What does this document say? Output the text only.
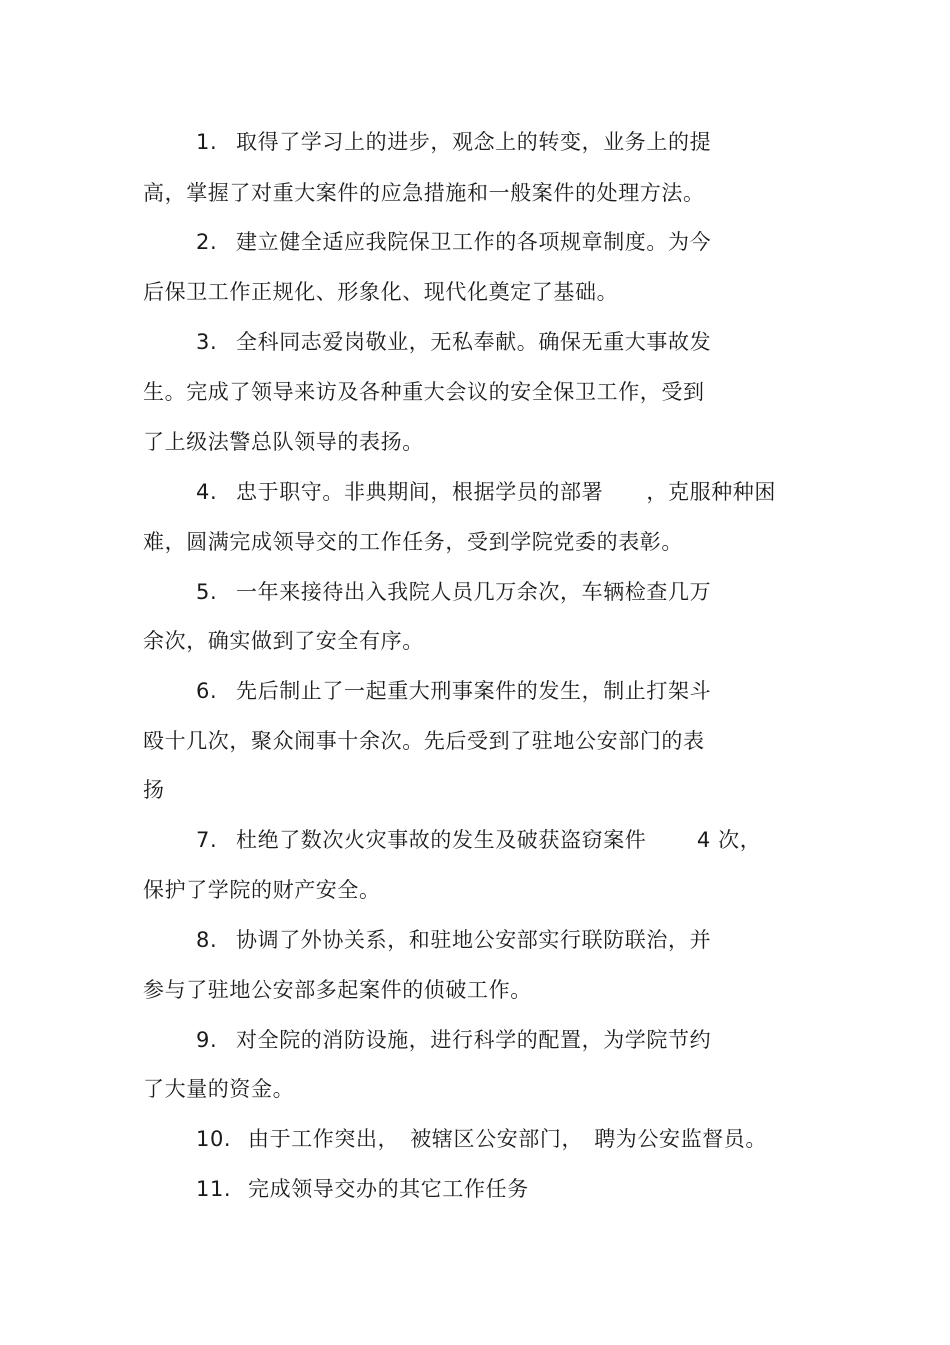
1. 取得了学习上的进步，观念上的转变，业务上的提
高，掌握了对重大案件的应急措施和一般案件的处理方法。
2. 建立健全适应我院保卫工作的各项规章制度。为今
后保卫工作正规化、形象化、现代化奠定了基础。
3. 全科同志爱岗敬业，无私奉献。确保无重大事故发
生。完成了领导来访及各种重大会议的安全保卫工作，受到
了上级法警总队领导的表扬。
4. 忠于职守。非典期间，根据学员的部署　　，克服种种困
难，圆满完成领导交的工作任务，受到学院党委的表彰。
5. 一年来接待出入我院人员几万余次，车辆检查几万
余次，确实做到了安全有序。
6. 先后制止了一起重大刑事案件的发生，制止打架斗
殴十几次，聚众闹事十余次。先后受到了驻地公安部门的表
扬
7. 杜绝了数次火灾事故的发生及破获盗窃案件　　 4 次，
保护了学院的财产安全。
8. 协调了外协关系，和驻地公安部实行联防联治，并
参与了驻地公安部多起案件的侦破工作。
9. 对全院的消防设施，进行科学的配置，为学院节约
了大量的资金。
10. 由于工作突出，　被辖区公安部门，　聘为公安监督员。
11. 完成领导交办的其它工作任务
